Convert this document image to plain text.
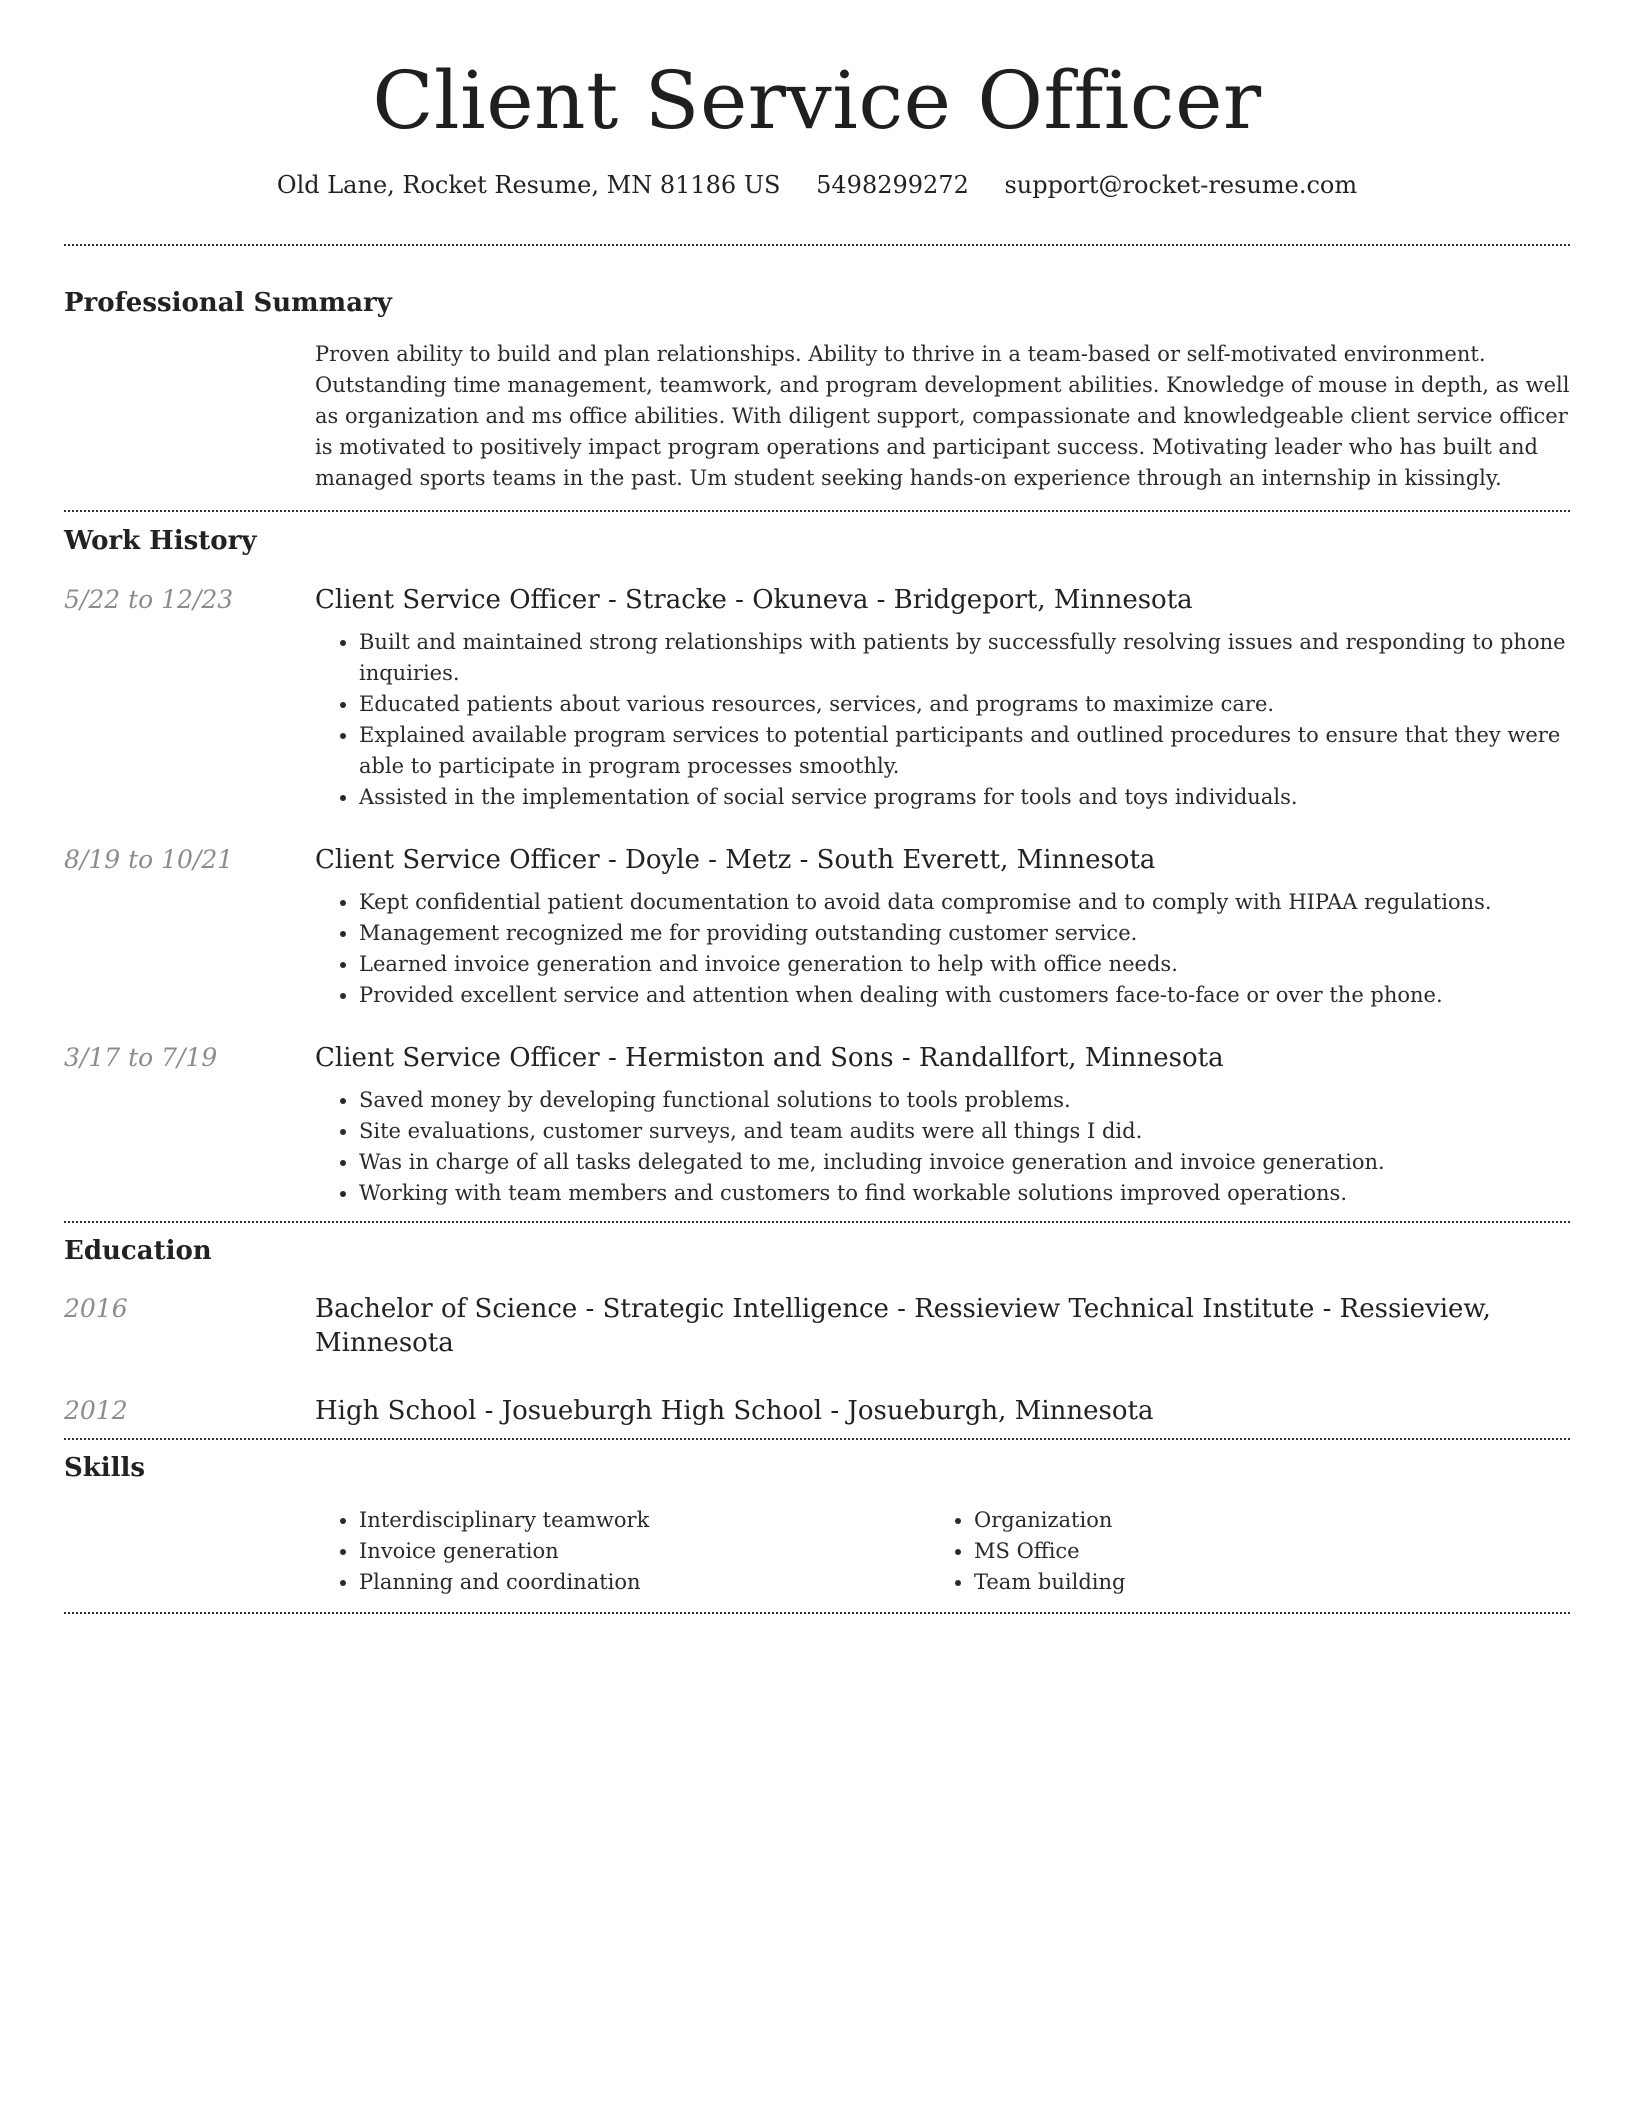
Client Service Officer
Old Lane, Rocket Resume, MN 81186 US 5498299272 support@rocket-resume.com
Professional Summary
Proven ability to build and plan relationships. Ability to thrive in a team-based or self-motivated environment. Outstanding time management, teamwork, and program development abilities. Knowledge of mouse in depth, as well as organization and ms office abilities. With diligent support, compassionate and knowledgeable client service officer is motivated to positively impact program operations and participant success. Motivating leader who has built and managed sports teams in the past. Um student seeking hands-on experience through an internship in kissingly.
Work History
5/22 to 12/23	Client Service Officer - Stracke - Okuneva - Bridgeport, Minnesota
• Built and maintained strong relationships with patients by successfully resolving issues and responding to phone inquiries.
• Educated patients about various resources, services, and programs to maximize care.
• Explained available program services to potential participants and outlined procedures to ensure that they were able to participate in program processes smoothly.
• Assisted in the implementation of social service programs for tools and toys individuals.
8/19 to 10/21	Client Service Officer - Doyle - Metz - South Everett, Minnesota
• Kept confidential patient documentation to avoid data compromise and to comply with HIPAA regulations.
• Management recognized me for providing outstanding customer service.
• Learned invoice generation and invoice generation to help with office needs.
• Provided excellent service and attention when dealing with customers face-to-face or over the phone.
3/17 to 7/19	Client Service Officer - Hermiston and Sons - Randallfort, Minnesota
• Saved money by developing functional solutions to tools problems.
• Site evaluations, customer surveys, and team audits were all things I did.
• Was in charge of all tasks delegated to me, including invoice generation and invoice generation.
• Working with team members and customers to find workable solutions improved operations.
Education
2016	Bachelor of Science - Strategic Intelligence - Ressieview Technical Institute - Ressieview, Minnesota
2012	High School - Josueburgh High School - Josueburgh, Minnesota
Skills
• Interdisciplinary teamwork
• Invoice generation
• Planning and coordination
• Organization
• MS Office
• Team building
